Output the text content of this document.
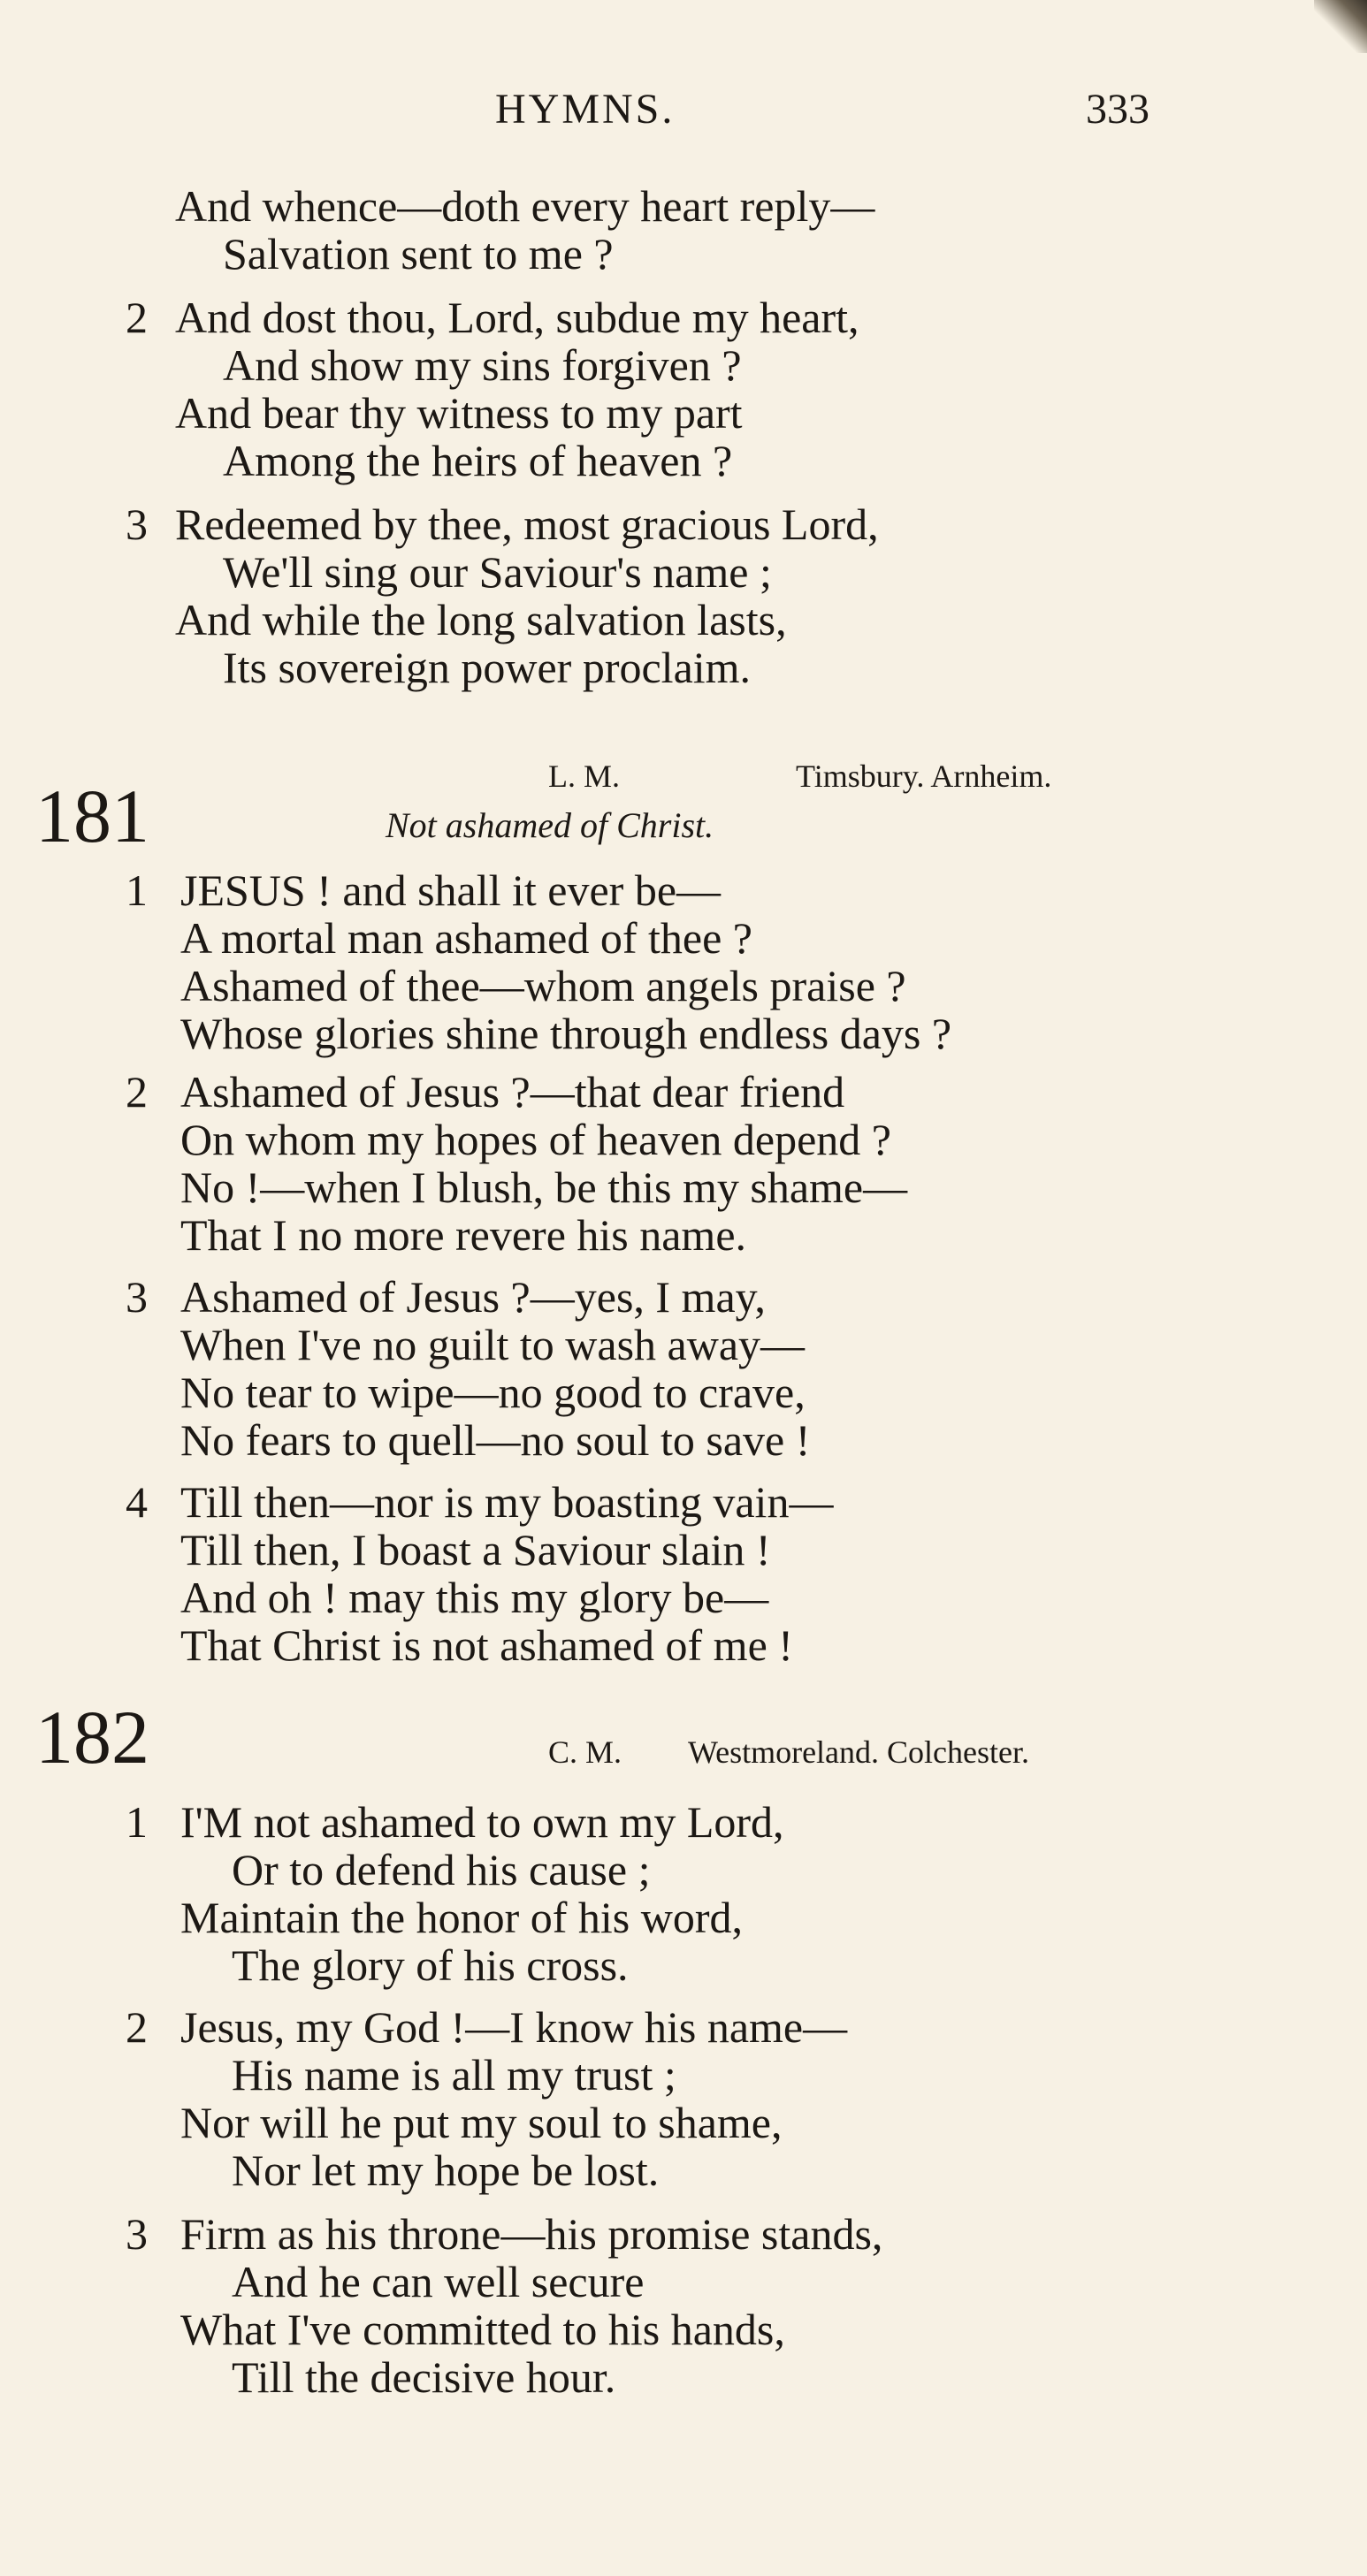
HYMNS.	333
And whence—doth every heart reply—
Salvation sent to me ?
2 And dost thou, Lord, subdue my heart,
And show my sins forgiven ?
And bear thy witness to my part
Among the heirs of heaven ?
3 Redeemed by thee, most gracious Lord,
We'll sing our Saviour's name ;
And while the long salvation lasts,
Its sovereign power proclaim.
181	L. M.	Timsbury. Arnheim.
Not ashamed of Christ.
1 JESUS ! and shall it ever be—
A mortal man ashamed of thee ?
Ashamed of thee—whom angels praise ?
Whose glories shine through endless days ?
2 Ashamed of Jesus ?—that dear friend
On whom my hopes of heaven depend ?
No !—when I blush, be this my shame—
That I no more revere his name.
3 Ashamed of Jesus ?—yes, I may,
When I've no guilt to wash away—
No tear to wipe—no good to crave,
No fears to quell—no soul to save !
4 Till then—nor is my boasting vain—
Till then, I boast a Saviour slain !
And oh ! may this my glory be—
That Christ is not ashamed of me !
182	C. M. Westmoreland. Colchester.
1 I'M not ashamed to own my Lord,
Or to defend his cause ;
Maintain the honor of his word,
The glory of his cross.
2 Jesus, my God !—I know his name—
His name is all my trust ;
Nor will he put my soul to shame,
Nor let my hope be lost.
3 Firm as his throne—his promise stands,
And he can well secure
What I've committed to his hands,
Till the decisive hour.
